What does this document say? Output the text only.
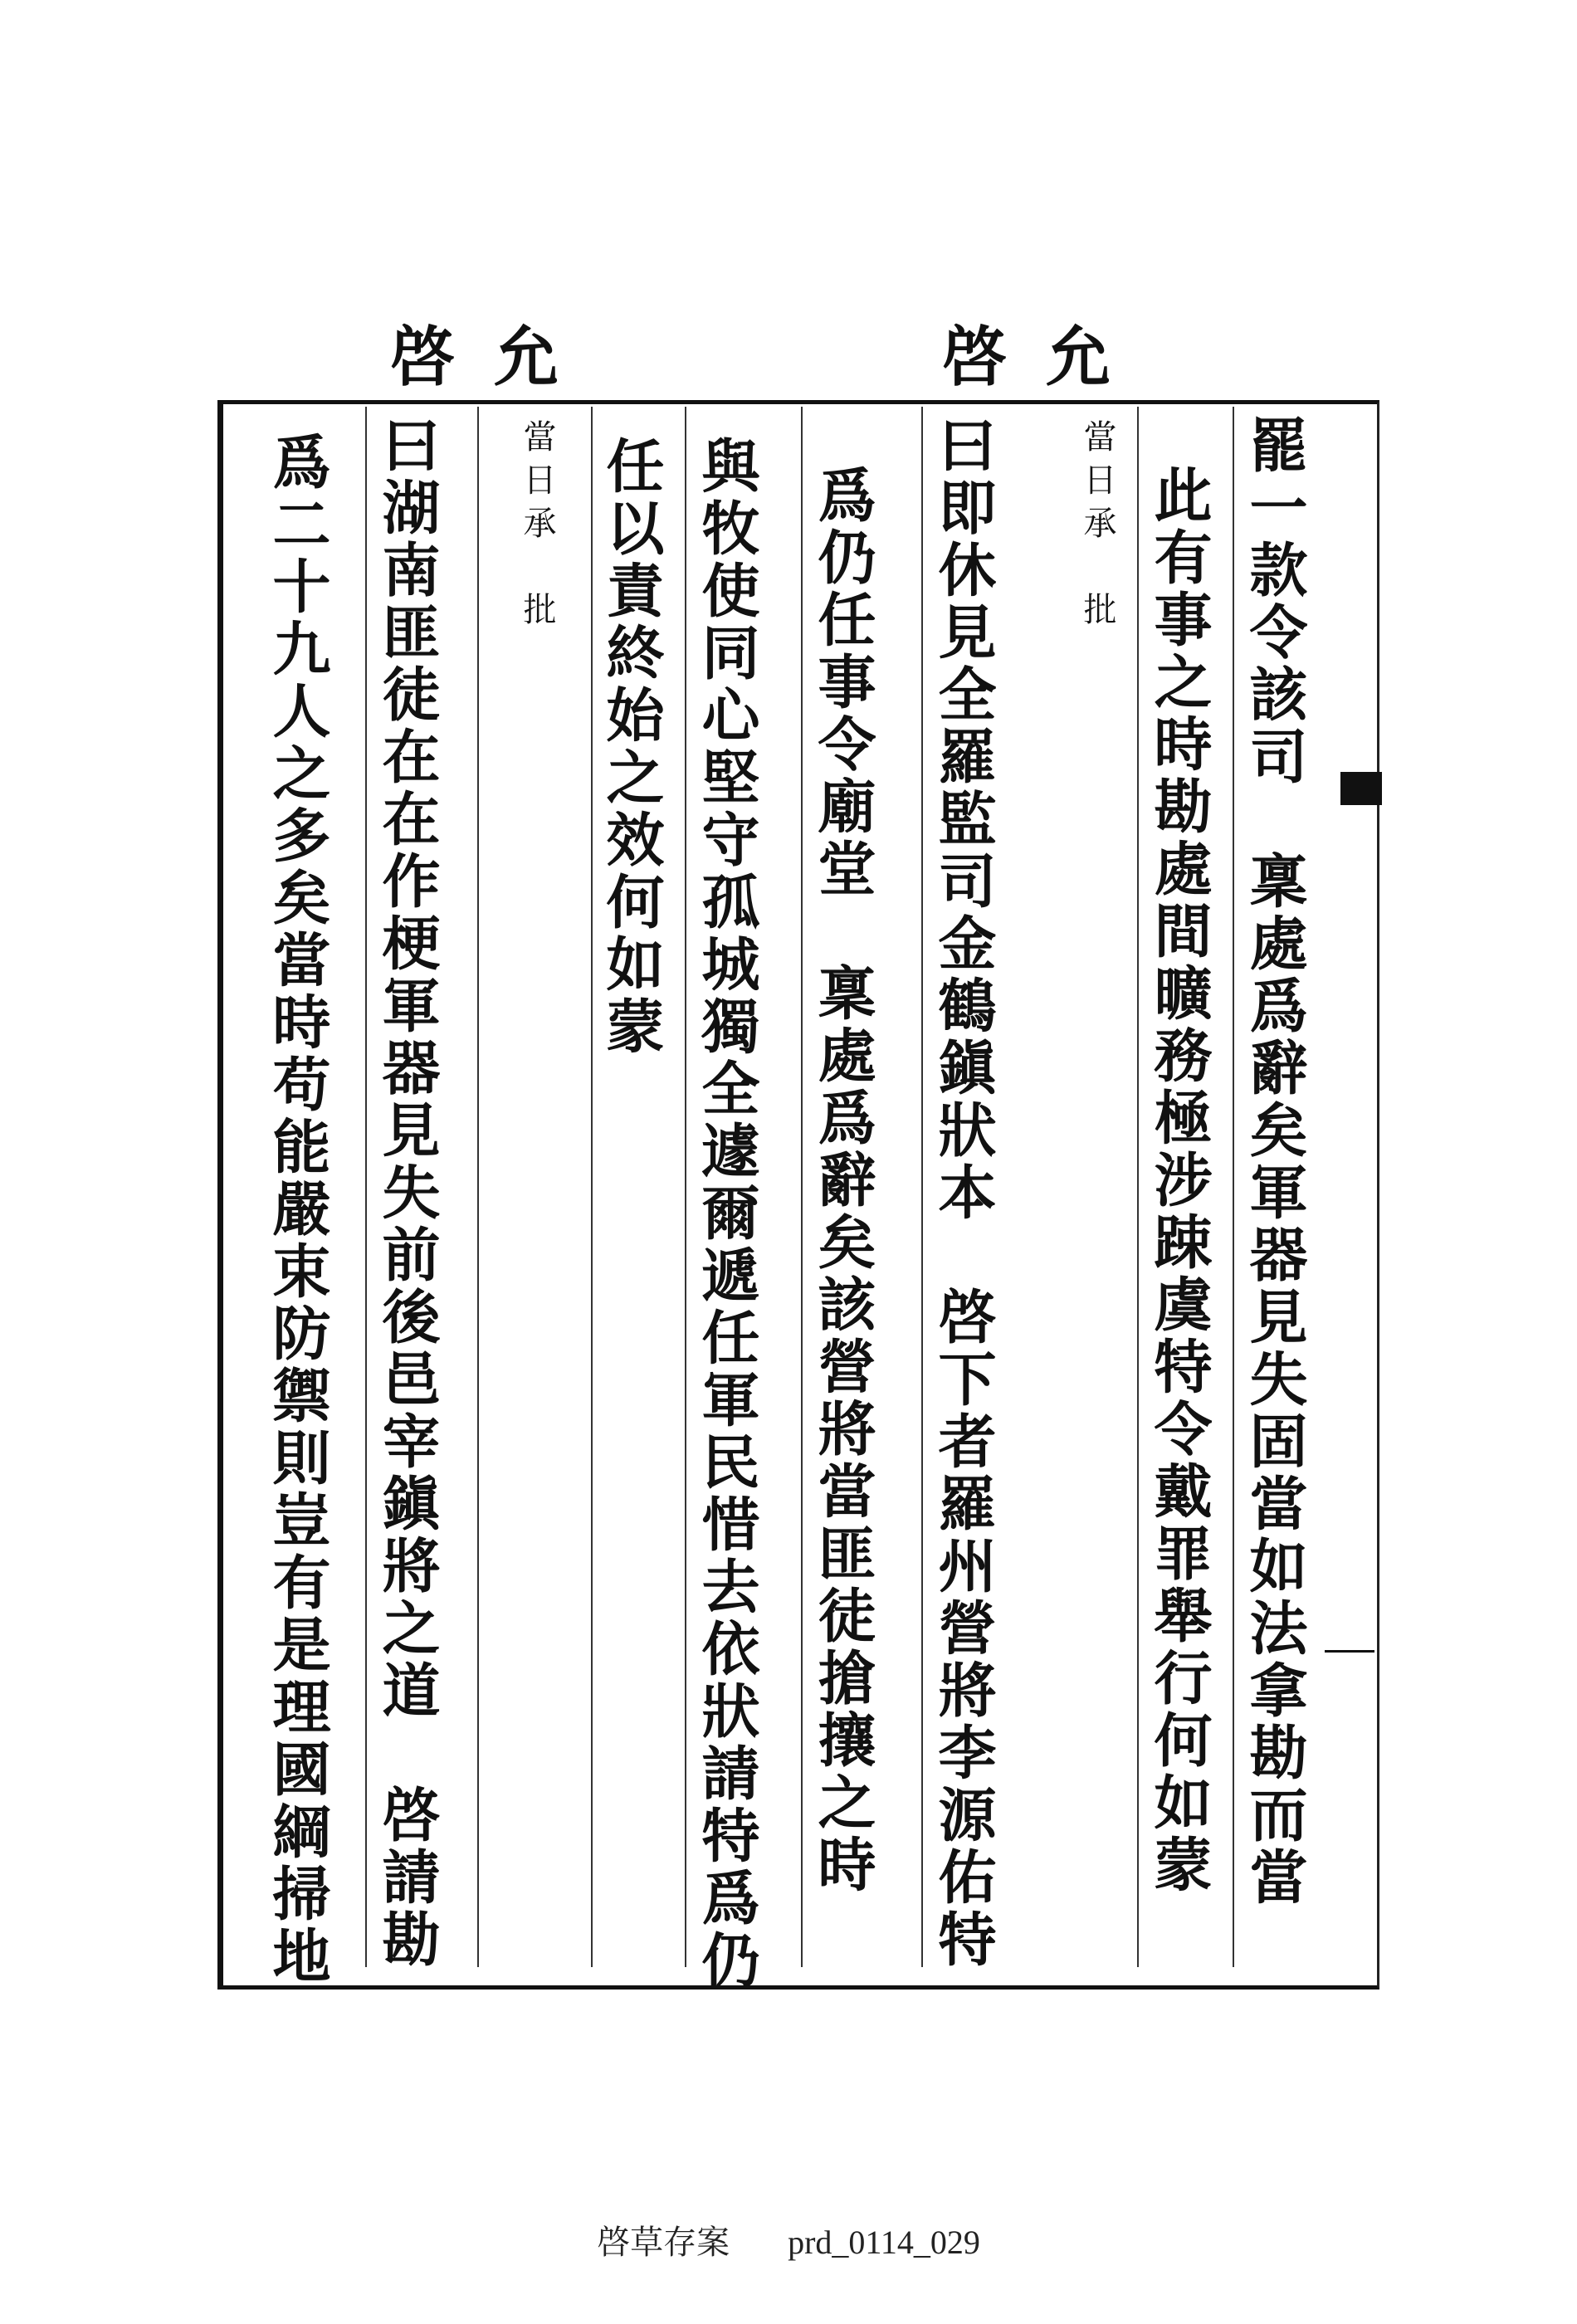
啓 允
啓 允
罷一款令該司　稟處爲辭矣軍器見失固當如法拿勘而當
此有事之時勘處間曠務極涉踈虞特令戴罪舉行何如蒙
當日承　批
曰即休見全羅監司金鶴鎭狀本　啓下者羅州營將李源佑特
爲仍任事令廟堂　稟處爲辭矣該營將當匪徒搶攘之時
與牧使同心堅守孤城獨全遽爾遞任軍民惜去依狀請特爲仍
任以責終始之效何如蒙
當日承　批
曰湖南匪徒在在作梗軍器見失前後邑宰鎭將之道　啓請勘
爲二十九人之多矣當時苟能嚴束防禦則豈有是理國綱掃地
啓草存案 prd_0114_029
